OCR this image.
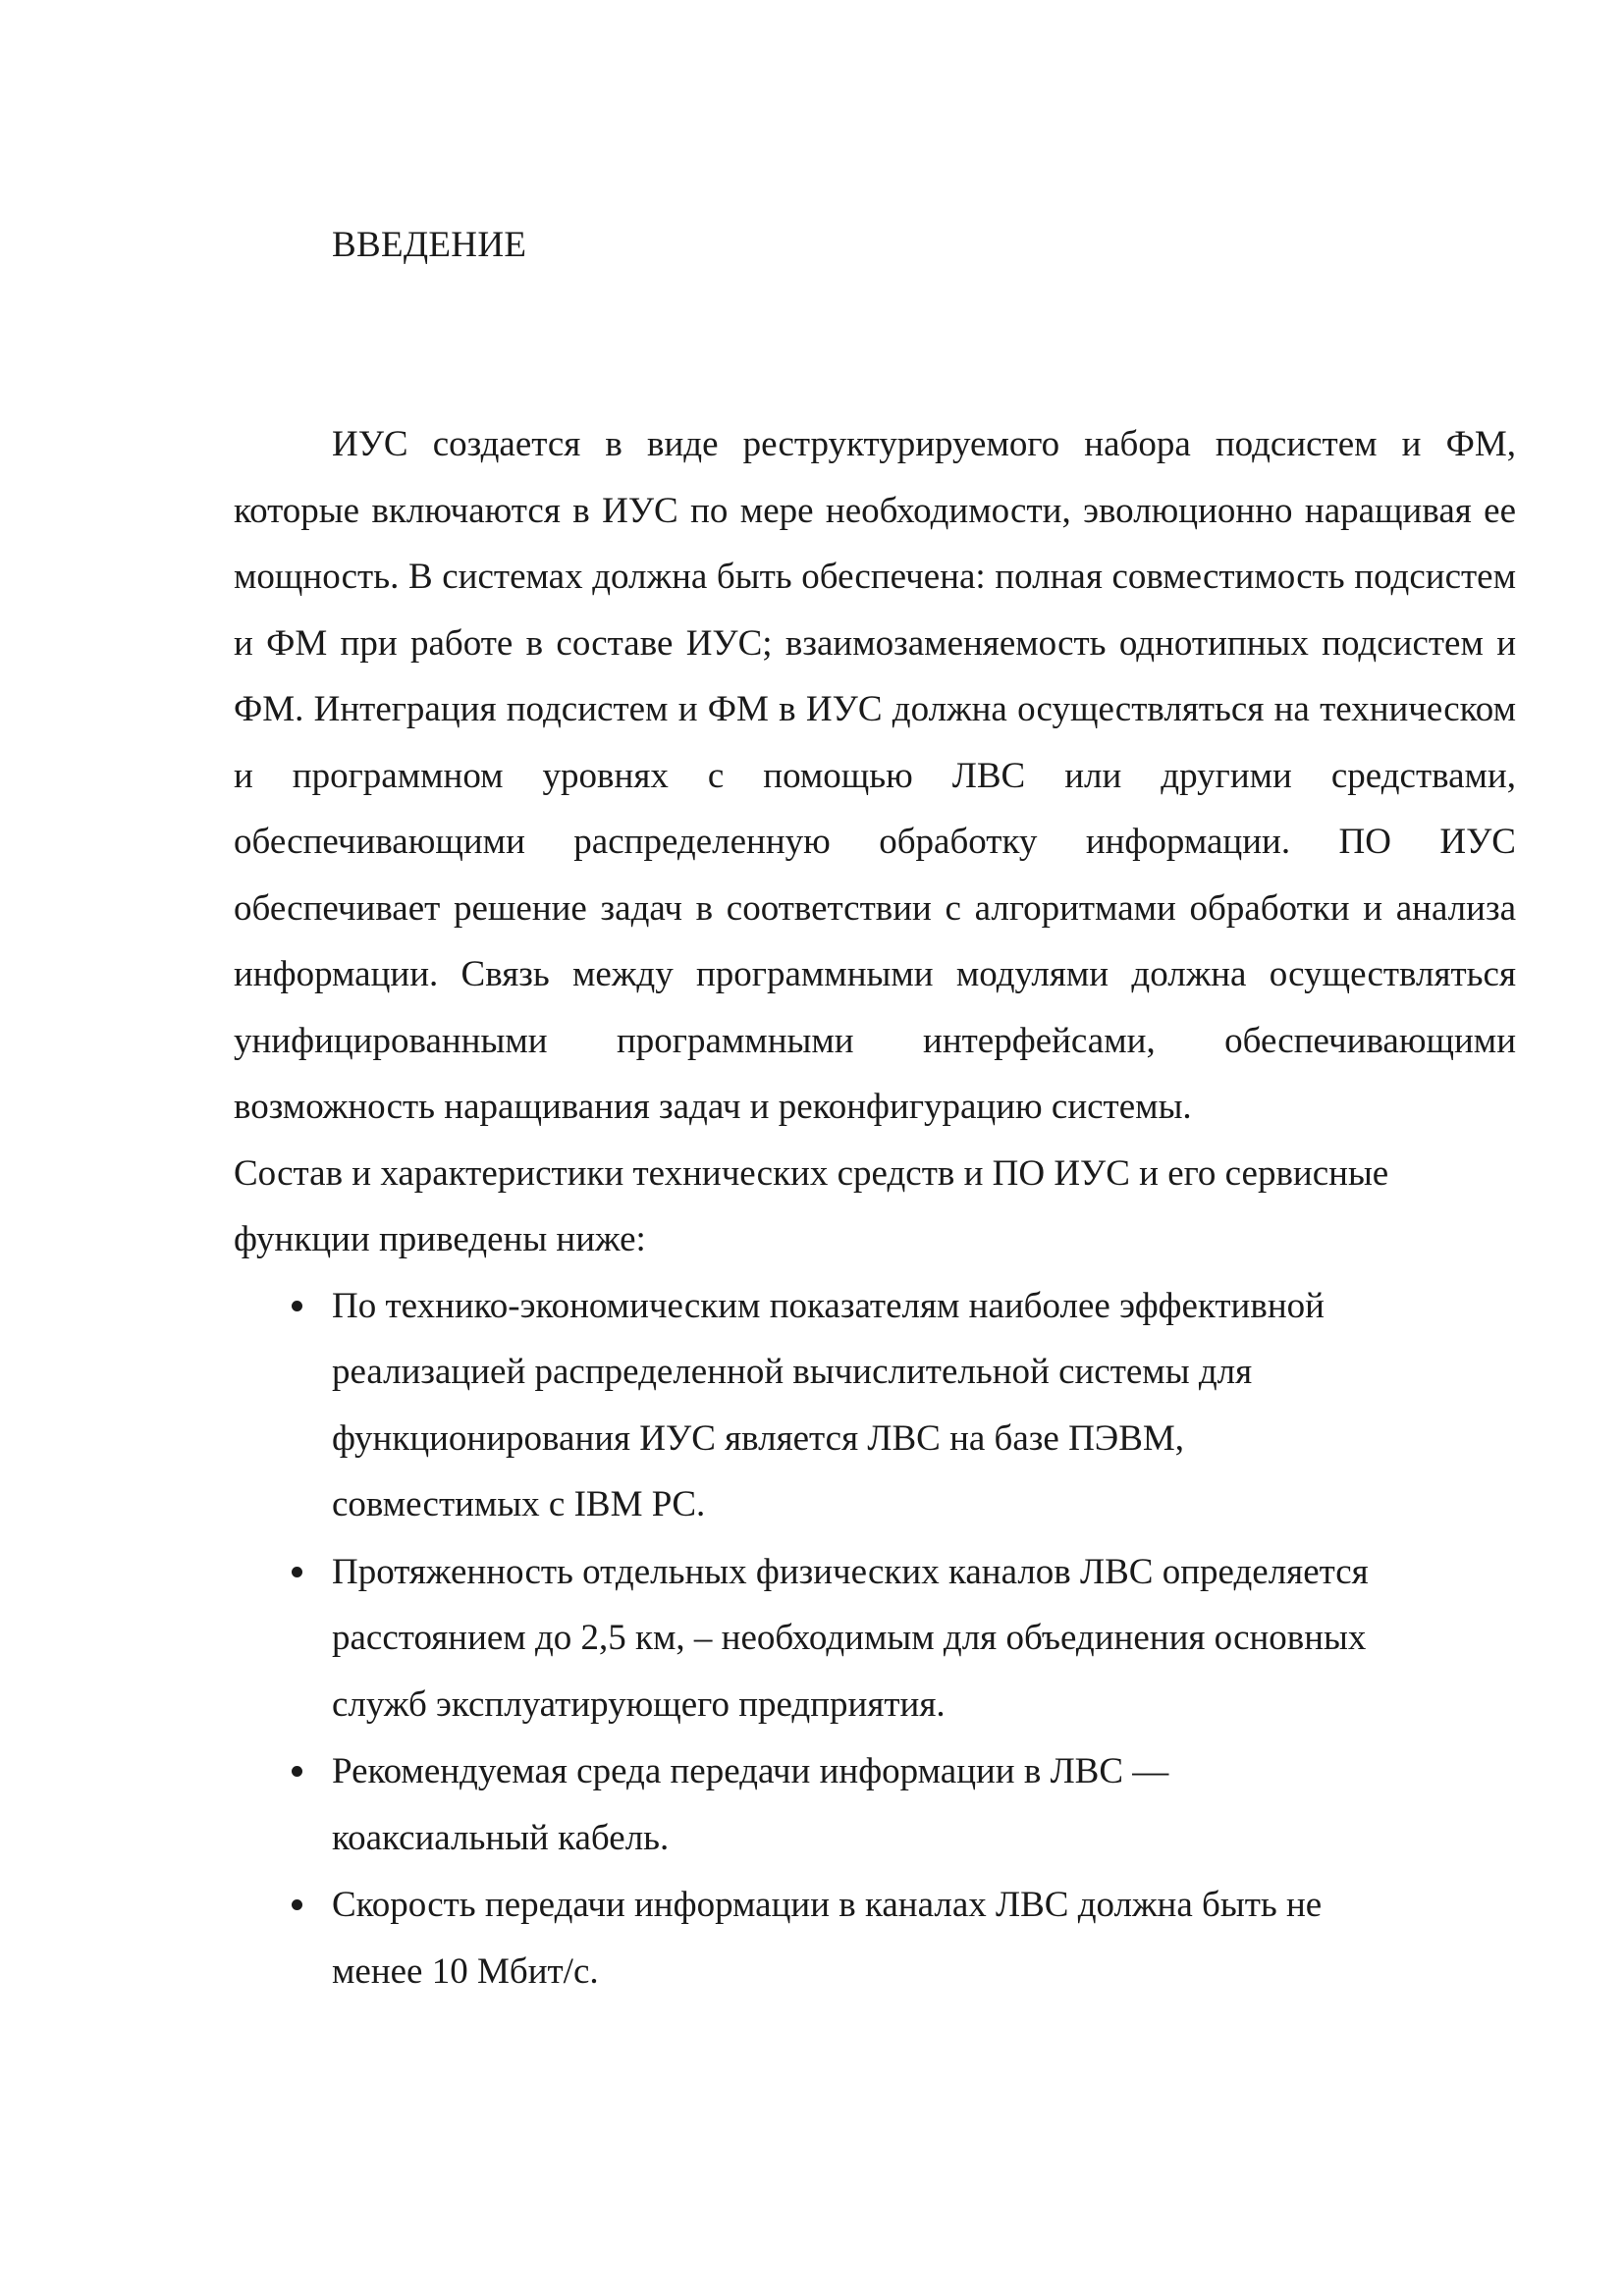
ВВЕДЕНИЕ

ИУС создается в виде реструктурируемого набора подсистем и ФМ, которые включаются в ИУС по мере необходимости, эволюционно наращивая ее мощность. В системах должна быть обеспечена: полная совместимость подсистем и ФМ при работе в составе ИУС; взаимозаменяемость однотипных подсистем и ФМ. Интеграция подсистем и ФМ в ИУС должна осуществляться на техническом и программном уровнях с помощью ЛВС или другими средствами, обеспечивающими распределенную обработку информации. ПО ИУС обеспечивает решение задач в соответствии с алгоритмами обработки и анализа информации. Связь между программными модулями должна осуществляться унифицированными программными интерфейсами, обеспечивающими возможность наращивания задач и реконфигурацию системы.

Состав и характеристики технических средств и ПО ИУС и его сервисные функции приведены ниже:

По технико-экономическим показателям наиболее эффективной реализацией распределенной вычислительной системы для функционирования ИУС является ЛВС на базе ПЭВМ, совместимых с IBM PC.
Протяженность отдельных физических каналов ЛВС определяется расстоянием до 2,5 км, – необходимым для объединения основных служб эксплуатирующего предприятия.
Рекомендуемая среда передачи информации в ЛВС — коаксиальный кабель.
Скорость передачи информации в каналах ЛВС должна быть не менее 10 Мбит/с.
